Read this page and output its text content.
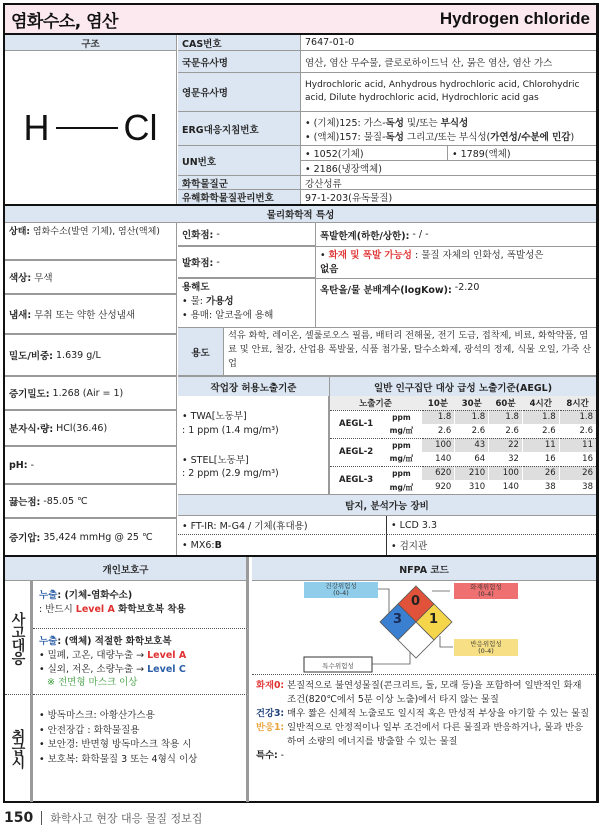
염화수소, 염산	Hydrogen chloride
구조
H Cl
CAS번호	7647-01-0
국문유사명	염산, 염산 무수물, 클로로하이드닉 산, 묽은 염산, 염산 가스
영문유사명
Hydrochloric acid, Anhydrous hydrochloric acid, Chlorohydric acid, Dilute hydrochloric acid, Hydrochloric acid gas
ERG대응지침번호
• (기체)125: 가스-독성 및/또는 부식성
• (액체)157: 물질-독성 그리고/또는 부식성(가연성/수분에 민감)
UN번호
• 1052(기체)	• 1789(액체)
• 2186(냉장액체)
화학물질군	강산성류
유해화학물질관리번호	97-1-203(유독물질)
물리화학적 특성
상태: 염화수소(발연 기체), 염산(액체)
색상:
무색
냄새:
무취 또는 약한 산성냄새
밀도/비중:
1.639 g/L
증기밀도:
1.268 (Air = 1)
분자식·량:
HCl(36.46)
pH:
-
끓는점:
-85.05 ℃
증기압:
35,424 mmHg @ 25 ℃
인화점:
-
발화점:
-
폭발한계(하한/상한):
- / -
• 화재 및 폭발 가능성 : 물질 자체의 인화성, 폭발성은
없음
용해도
• 물: 가용성
• 용매: 알코올에 용해
옥탄올/물 분배계수(logKow):
-2.20
용도
석유 화학, 레이온, 셀룰로오스 필름, 배터리 전해물, 전기 도금, 접착제, 비료, 화학약품, 염료 및 안료, 철강, 산업용 폭발물, 식품 첨가물, 탈수소화제, 광석의 정제, 식물 오일, 가죽 산업
작업장 허용노출기준
• TWA[노동부]
: 1 ppm (1.4 mg/m³)
• STEL[노동부]
: 2 ppm (2.9 mg/m³)
일반 인구집단 대상 급성 노출기준(AEGL)
노출기준		10분	30분	60분	4시간	8시간
AEGL-1	ppm	1.8	1.8	1.8	1.8	1.8
	mg/㎥	2.6	2.6	2.6	2.6	2.6
AEGL-2	ppm	100	43	22	11	11
	mg/㎥	140	64	32	16	16
AEGL-3	ppm	620	210	100	26	26
	mg/㎥	920	310	140	38	38
탐지, 분석가능 장비
• FT-IR: M-G4 / 기체(휴대용)	• LCD 3.3
• MX6: B	• 검지관
개인보호구
사고대응
누출: (기체-염화수소)
: 반드시 Level A 화학보호복 착용
누출: (액체) 적절한 화학보호복
• 밀폐, 고온, 대량누출 → Level A
• 실외, 저온, 소량누출 → Level C
※ 전면형 마스크 이상
취급시
• 방독마스크: 아황산가스용
• 안전장갑 : 화학물질용
• 보안경: 반면형 방독마스크 착용 시
• 보호복: 화학물질 3 또는 4형식 이상
NFPA 코드
0
3 1
건강위험성
(0-4)
화재위험성
(0-4)
반응위험성
(0-4)
특수위험성
화재0:
본질적으로 불연성물질(콘크리트, 돌, 모래 등)을 포함하여 일반적인 화재 조건(820℃에서 5분 이상 노출)에서 타지 않는 물질
건강3:
매우 짧은 신체적 노출로도 일시적 혹은 만성적 부상을 야기할 수 있는 물질
반응1:
일반적으로 안정적이나 일부 조건에서 다른 물질과 반응하거나, 물과 반응하여 소량의 에너지를 방출할 수 있는 물질
특수:
-
150 화학사고 현장 대응 물질 정보집
